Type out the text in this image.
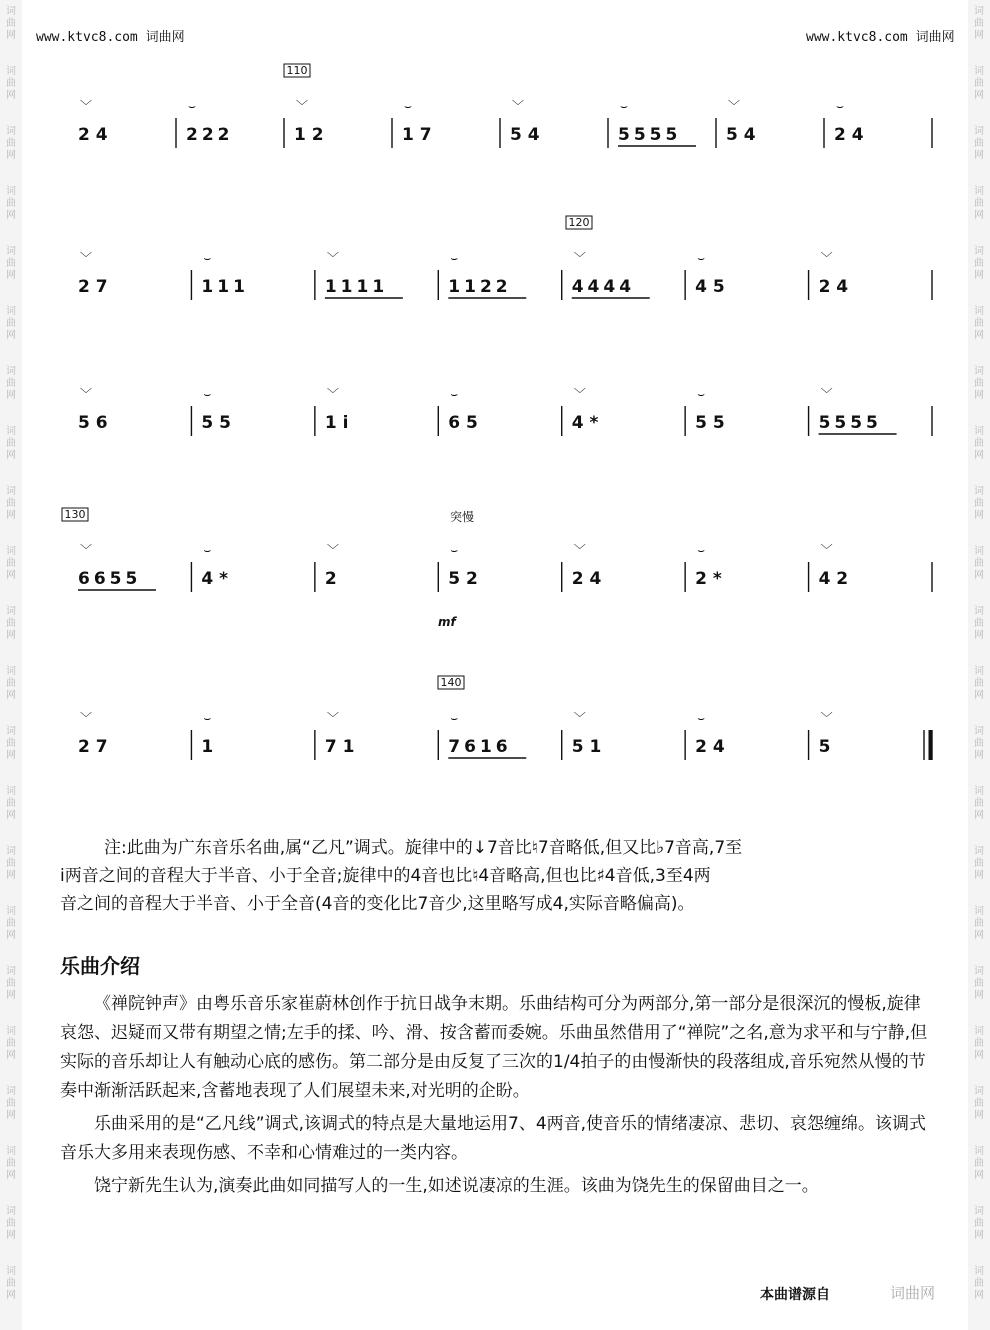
词
曲
网
词
曲
网
词
曲
网
词
曲
网
词
曲
网
词
曲
网
词
曲
网
词
曲
网
词
曲
网
词
曲
网
词
曲
网
词
曲
网
词
曲
网
词
曲
网
词
曲
网
词
曲
网
词
曲
网
词
曲
网
词
曲
网
词
曲
网
词
曲
网
词
曲
网
词
曲
网
词
曲
网
词
曲
网
词
曲
网
词
曲
网
词
曲
网
词
曲
网
词
曲
网
词
曲
网
词
曲
网
词
曲
网
词
曲
网
词
曲
网
词
曲
网
词
曲
网
词
曲
网
词
曲
网
词
曲
网
词
曲
网
词
曲
网
词
曲
网
词
曲
网
www.ktvc8.com 词曲网	www.ktvc8.com 词曲网
110
﹀
2 4
⌣
222
﹀
1 2
⌣
1 7
﹀
5 4
⌣
5555
﹀
5 4
⌣
2 4
120
﹀
2 7
⌣
111
﹀
1111
⌣
1122
﹀
4444
⌣
4 5
﹀
2 4
﹀
5 6
⌣
5 5
﹀
1 i
⌣
6 5
﹀
4 *
⌣
5 5
﹀
5555
130	突慢
mf
﹀
6655
⌣
4 *
﹀
2
⌣
5 2
﹀
2 4
⌣
2 *
﹀
4 2
140
﹀
2 7
⌣
1
﹀
7 1
⌣
7616
﹀
5 1
⌣
2 4
﹀
5

注:此曲为广东音乐名曲,属“乙凡”调式。旋律中的↓7音比♮7音略低,但又比♭7音高,7至

i两音之间的音程大于半音、小于全音;旋律中的4音也比♮4音略高,但也比♯4音低,3至4两
音之间的音程大于半音、小于全音(4音的变化比7音少,这里略写成4,实际音略偏高)。
乐曲介绍

《禅院钟声》由粤乐音乐家崔蔚林创作于抗日战争末期。乐曲结构可分为两部分,第一部分是很深沉的慢板,旋律哀怨、迟疑而又带有期望之情;左手的揉、吟、滑、按含蓄而委婉。乐曲虽然借用了“禅院”之名,意为求平和与宁静,但实际的音乐却让人有触动心底的感伤。第二部分是由反复了三次的1/4拍子的由慢渐快的段落组成,音乐宛然从慢的节奏中渐渐活跃起来,含蓄地表现了人们展望未来,对光明的企盼。

乐曲采用的是“乙凡线”调式,该调式的特点是大量地运用7、4两音,使音乐的情绪凄凉、悲切、哀怨缠绵。该调式音乐大多用来表现伤感、不幸和心情难过的一类内容。

饶宁新先生认为,演奏此曲如同描写人的一生,如述说凄凉的生涯。该曲为饶先生的保留曲目之一。

本曲谱源自	词曲网
